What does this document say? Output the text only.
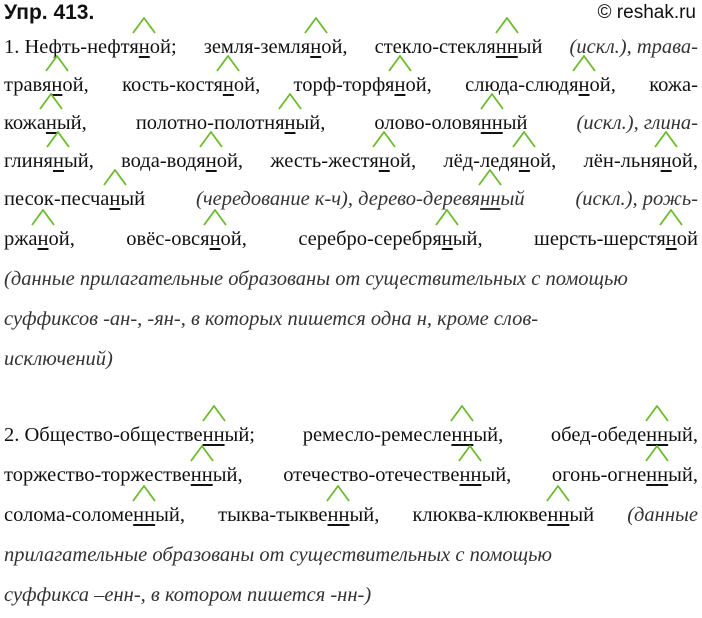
Упр. 413.	© reshak.ru
1. Нефть-нефтян
ой; земля-землян
ой, стекло-стеклянн
ый (искл.), трава-
травян
ой, кость-костян
ой, торф-торфян
ой, слюда-слюдян
ой, кожа-
кожан
ый, полотно-полотнян
ый, олово-оловянн
ый (искл.), глина-
глинян
ый, вода-водян
ой, жесть-жестян
ой, лёд-ледян
ой, лён-льнян
ой,
песок-песчан
ый (чередование к-ч), дерево-деревянн
ый (искл.), рожь-
ржан
ой,	овёс-овсян
ой,	серебро-серебрян
ый,	шерсть-шерстян
ой
(данные прилагательные образованы от существительных с помощью
суффиксов -ан-, -ян-, в которых пишется одна н, кроме слов-
исключений)
2. Общество-общественн
ый; ремесло-ремесленн
ый, обед-обеденн
ый,
торжество-торжественн
ый, отечество-отечественн
ый, огонь-огненн
ый,
солома-соломенн
ый, тыква-тыквенн
ый, клюква-клюквенн
ый (данные
прилагательные образованы от существительных с помощью
суффикса –енн-, в котором пишется -нн-)
